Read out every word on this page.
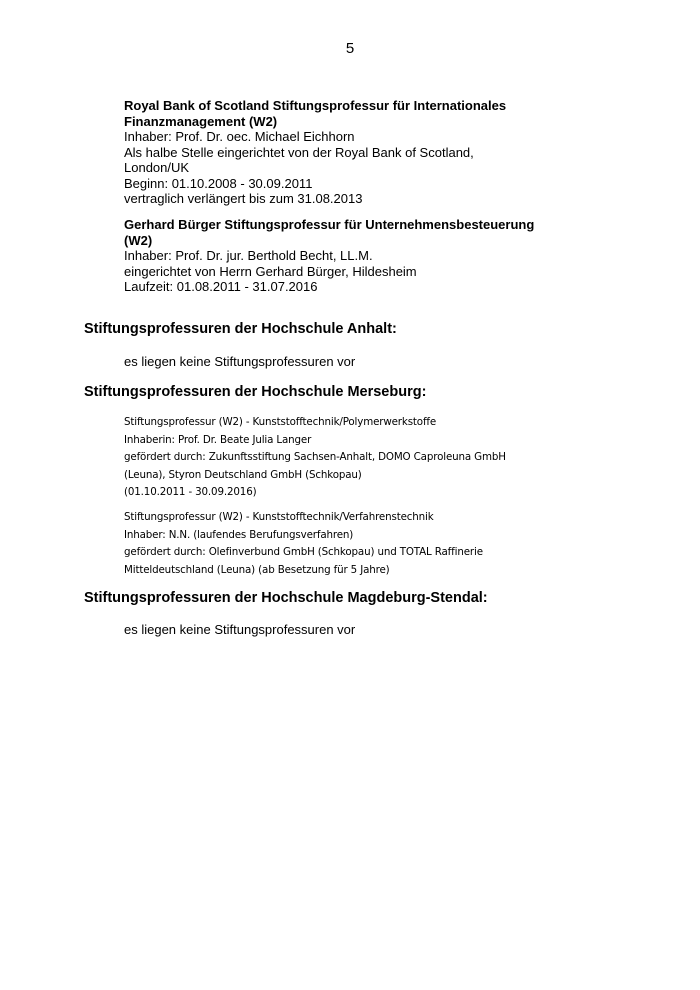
5
Royal Bank of Scotland Stiftungsprofessur für Internationales
Finanzmanagement (W2)
Inhaber: Prof. Dr. oec. Michael Eichhorn
Als halbe Stelle eingerichtet von der Royal Bank of Scotland,
London/UK
Beginn: 01.10.2008 - 30.09.2011
vertraglich verlängert bis zum 31.08.2013
Gerhard Bürger Stiftungsprofessur für Unternehmensbesteuerung
(W2)
Inhaber: Prof. Dr. jur. Berthold Becht, LL.M.
eingerichtet von Herrn Gerhard Bürger, Hildesheim
Laufzeit: 01.08.2011 - 31.07.2016
Stiftungsprofessuren der Hochschule Anhalt:
es liegen keine Stiftungsprofessuren vor
Stiftungsprofessuren der Hochschule Merseburg:
Stiftungsprofessur (W2) - Kunststofftechnik/Polymerwerkstoffe
Inhaberin: Prof. Dr. Beate Julia Langer
gefördert durch: Zukunftsstiftung Sachsen-Anhalt, DOMO Caproleuna GmbH
(Leuna), Styron Deutschland GmbH (Schkopau)
(01.10.2011 - 30.09.2016)
Stiftungsprofessur (W2) - Kunststofftechnik/Verfahrenstechnik
Inhaber: N.N. (laufendes Berufungsverfahren)
gefördert durch: Olefinverbund GmbH (Schkopau) und TOTAL Raffinerie
Mitteldeutschland (Leuna) (ab Besetzung für 5 Jahre)
Stiftungsprofessuren der Hochschule Magdeburg-Stendal:
es liegen keine Stiftungsprofessuren vor
